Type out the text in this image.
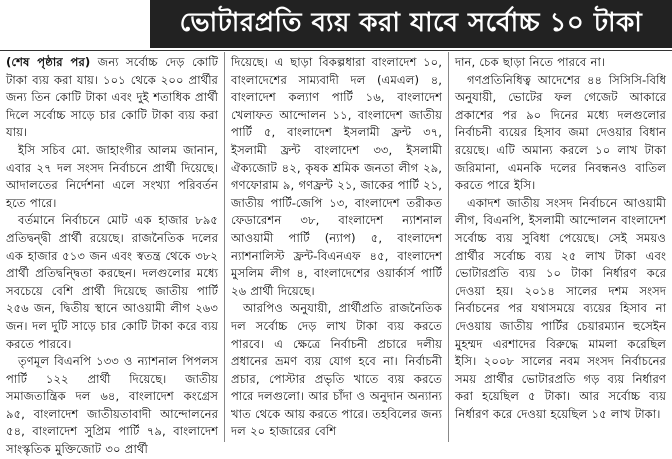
ভোটারপ্রতি ব্যয় করা যাবে সর্বোচ্চ ১০ টাকা

(শেষ পৃষ্ঠার পর) জন্য সর্বোচ্চ দেড় কোটি টাকা ব্যয় করা যায়। ১০১ থেকে ২০০ প্রার্থীর জন্য তিন কোটি টাকা এবং দুই শতাধিক প্রার্থী দিলে সর্বোচ্চ সাড়ে চার কোটি টাকা ব্যয় করা যায়।

ইসি সচিব মো. জাহাংগীর আলম জানান, এবার ২৭ দল সংসদ নির্বাচনে প্রার্থী দিয়েছে। আদালতের নির্দেশনা এলে সংখ্যা পরিবর্তন হতে পারে।

বর্তমানে নির্বাচনে মোট এক হাজার ৮৯৫ প্রতিদ্বন্দ্বী প্রার্থী রয়েছে। রাজনৈতিক দলের এক হাজার ৫১৩ জন এবং স্বতন্ত্র থেকে ৩৮২ প্রার্থী প্রতিদ্বন্দ্বিতা করছেন। দলগুলোর মধ্যে সবচেয়ে বেশি প্রার্থী দিয়েছে জাতীয় পার্টি ২৫৬ জন, দ্বিতীয় স্থানে আওয়ামী লীগ ২৬৩ জন। দল দুটি সাড়ে চার কোটি টাকা করে ব্যয় করতে পারবে।

তৃণমূল বিএনপি ১৩৩ ও ন্যাশনাল পিপলস পার্টি ১২২ প্রার্থী দিয়েছে। জাতীয় সমাজতান্ত্রিক দল ৬৪, বাংলাদেশ কংগ্রেস ৯৫, বাংলাদেশ জাতীয়তাবাদী আন্দোলনের ৫৪, বাংলাদেশ সুপ্রিম পার্টি ৭৯, বাংলাদেশ সাংস্কৃতিক মুক্তিজোট ৩০ প্রার্থী

দিয়েছে। এ ছাড়া বিকল্পধারা বাংলাদেশ ১০, বাংলাদেশের সাম্যবাদী দল (এমএল) ৪, বাংলাদেশ কল্যাণ পার্টি ১৬, বাংলাদেশ খেলাফত আন্দোলন ১১, বাংলাদেশ জাতীয় পার্টি ৫, বাংলাদেশ ইসলামী ফ্রন্ট ৩৭, ইসলামী ফ্রন্ট বাংলাদেশ ৩৩, ইসলামী ঐক্যজোট ৪২, কৃষক শ্রমিক জনতা লীগ ২৯, গণফোরাম ৯, গণফ্রন্ট ২১, জাকের পার্টি ২১, জাতীয় পার্টি-জেপি ১৩, বাংলাদেশ তরীকত ফেডারেশন ৩৮, বাংলাদেশ ন্যাশনাল আওয়ামী পার্টি (ন্যাপ) ৫, বাংলাদেশ ন্যাশনালিস্ট ফ্রন্ট-বিএনএফ ৪৫, বাংলাদেশ মুসলিম লীগ ৪, বাংলাদেশের ওয়ার্কার্স পার্টি ২৬ প্রার্থী দিয়েছে।

আরপিও অনুযায়ী, প্রার্থীপ্রতি রাজনৈতিক দল সর্বোচ্চ দেড় লাখ টাকা ব্যয় করতে পারবে। এ ক্ষেত্রে নির্বাচনী প্রচারে দলীয় প্রধানের ভ্রমণ ব্যয় যোগ হবে না। নির্বাচনী প্রচার, পোস্টার প্রভৃতি খাতে ব্যয় করতে পারে দলগুলো। আর চাঁদা ও অনুদান অন্যান্য খাত থেকে আয় করতে পারে। তহবিলের জন্য দল ২০ হাজারের বেশি

দান, চেক ছাড়া নিতে পারবে না।

গণপ্রতিনিধিত্ব আদেশের ৪৪ সিসিসি-বিধি অনুযায়ী, ভোটের ফল গেজেট আকারে প্রকাশের পর ৯০ দিনের মধ্যে দলগুলোর নির্বাচনী ব্যয়ের হিসাব জমা দেওয়ার বিধান রয়েছে। এটি অমান্য করলে ১০ লাখ টাকা জরিমানা, এমনকি দলের নিবন্ধনও বাতিল করতে পারে ইসি।

একাদশ জাতীয় সংসদ নির্বাচনে আওয়ামী লীগ, বিএনপি, ইসলামী আন্দোলন বাংলাদেশ সর্বোচ্চ ব্যয় সুবিধা পেয়েছে। সেই সময়ও প্রার্থীর সর্বোচ্চ ব্যয় ২৫ লাখ টাকা এবং ভোটারপ্রতি ব্যয় ১০ টাকা নির্ধারণ করে দেওয়া হয়। ২০১৪ সালের দশম সংসদ নির্বাচনের পর যথাসময়ে ব্যয়ের হিসাব না দেওয়ায় জাতীয় পার্টির চেয়ারম্যান হুসেইন মুহম্মদ এরশাদের বিরুদ্ধে মামলা করেছিল ইসি। ২০০৮ সালের নবম সংসদ নির্বাচনের সময় প্রার্থীর ভোটারপ্রতি গড় ব্যয় নির্ধারণ করা হয়েছিল ৫ টাকা। আর সর্বোচ্চ ব্যয় নির্ধারণ করে দেওয়া হয়েছিল ১৫ লাখ টাকা।
